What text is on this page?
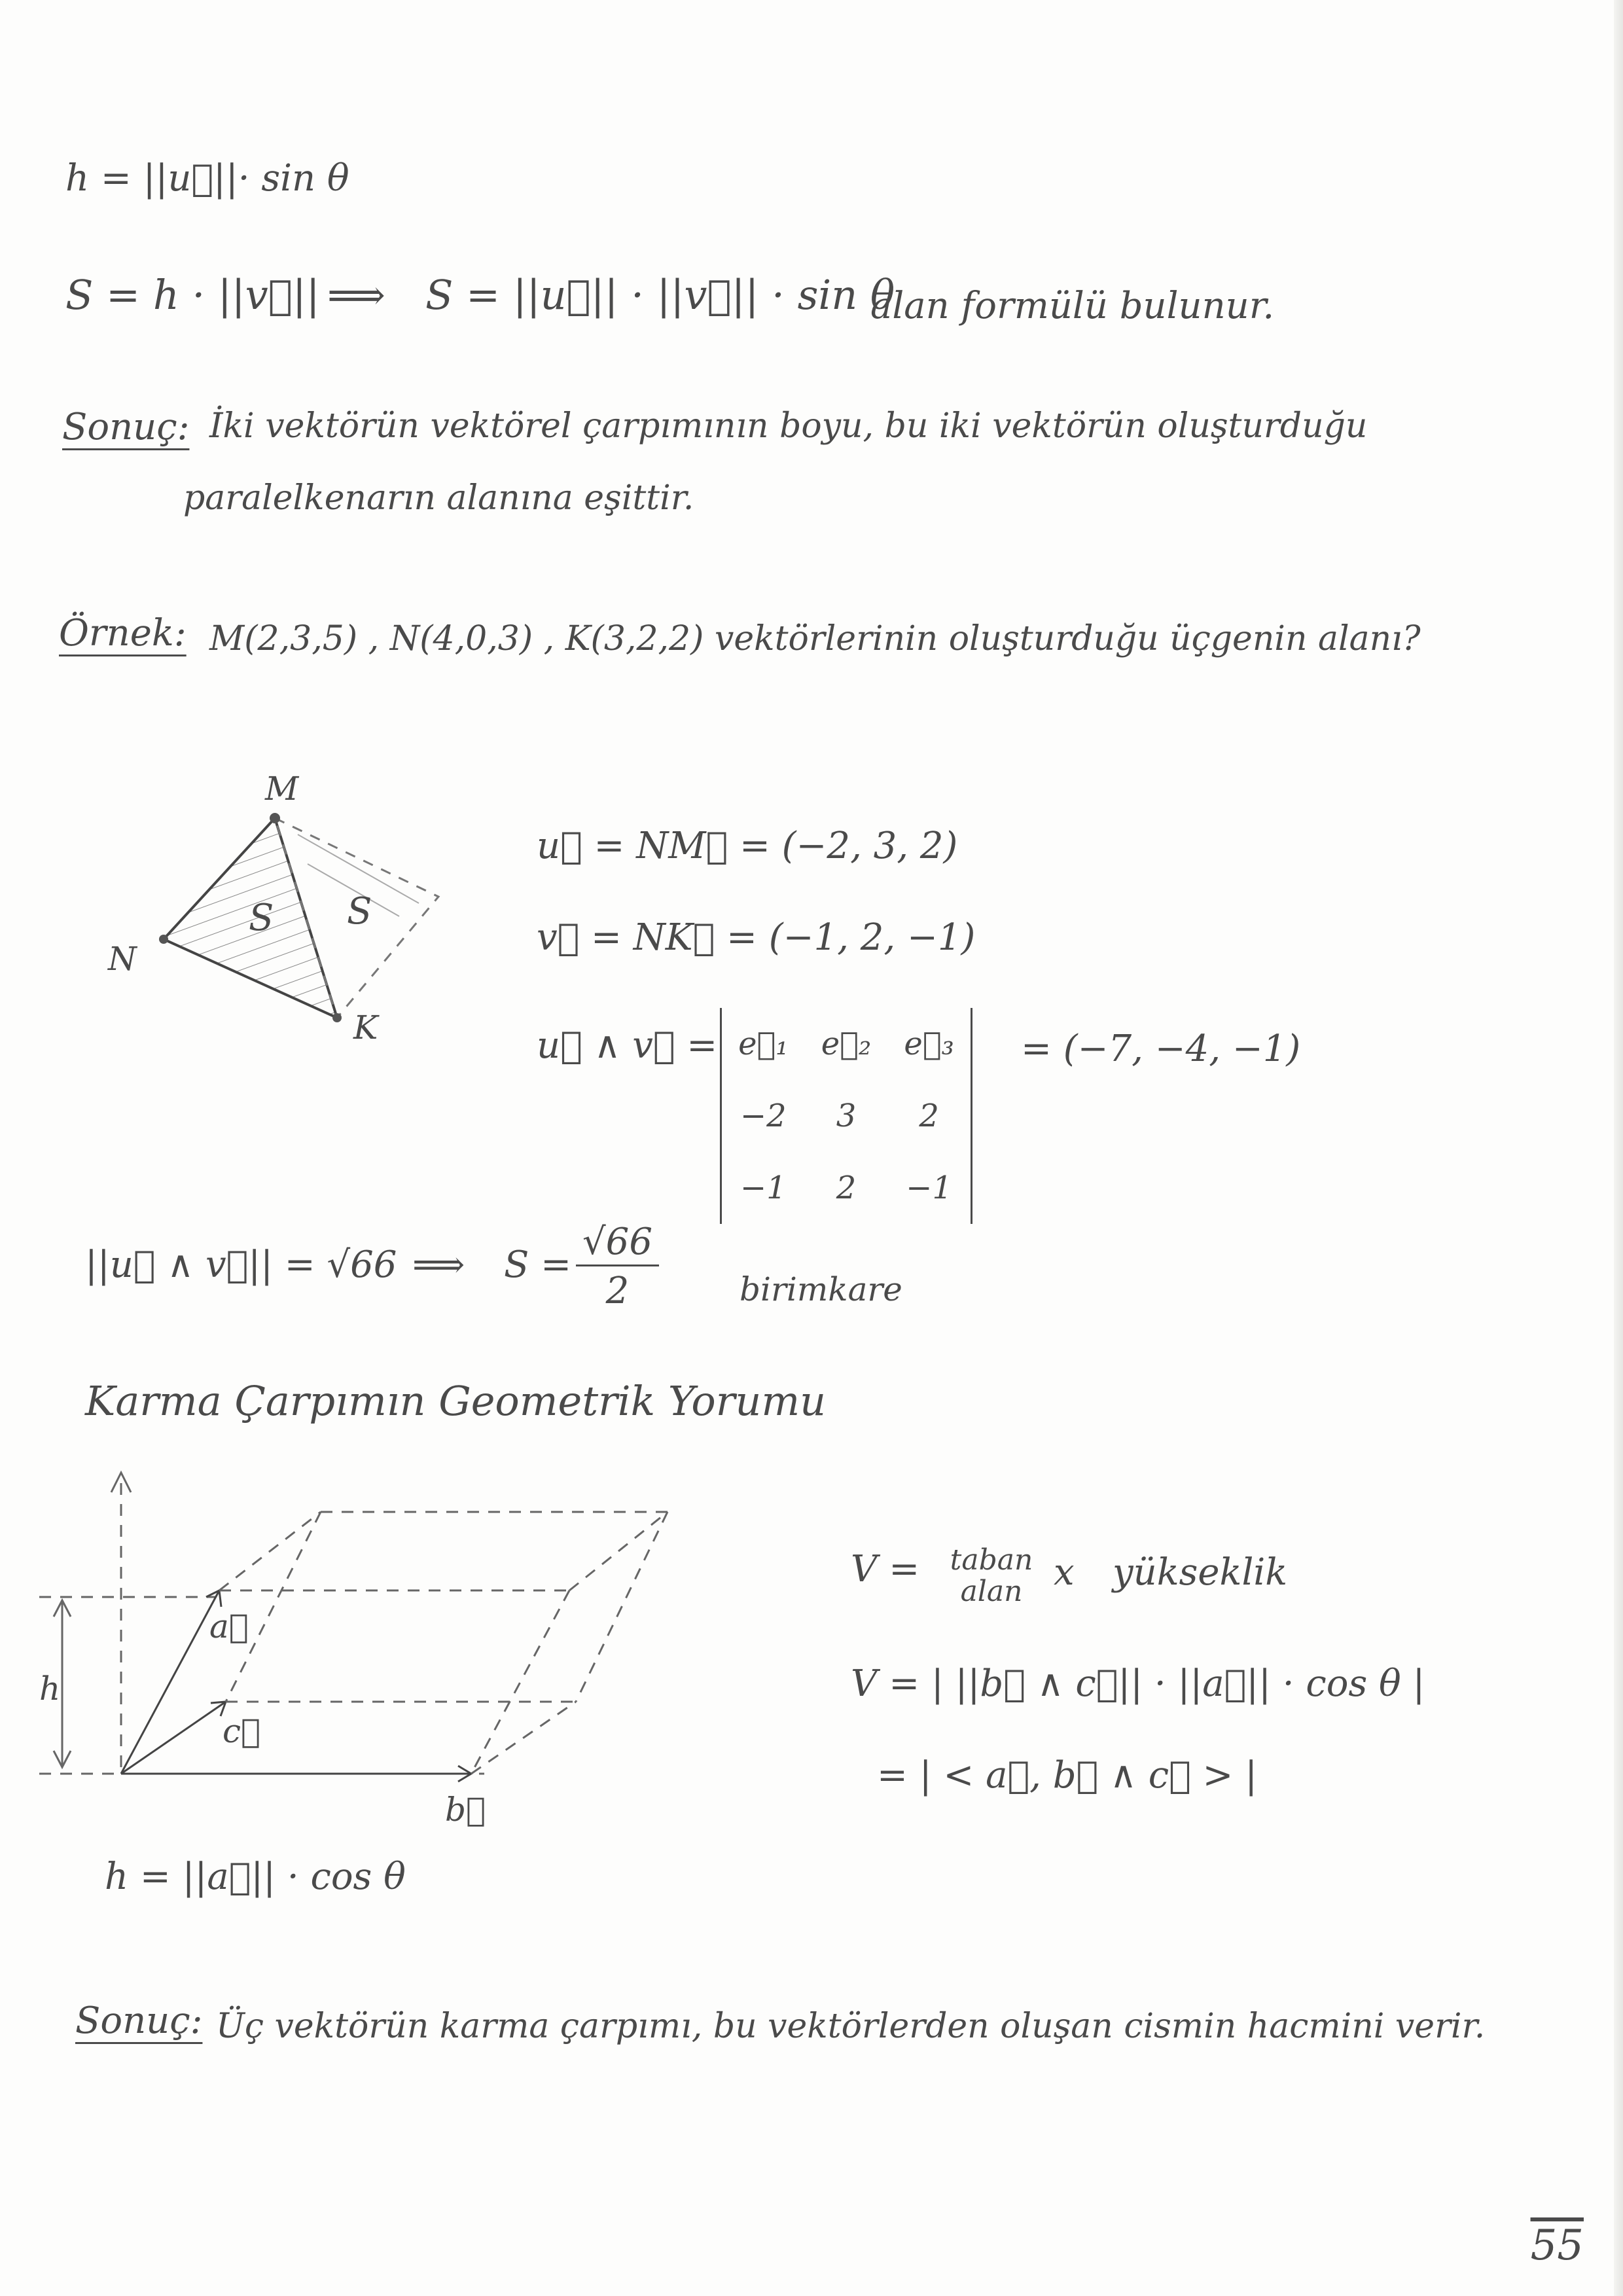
h = ||u⃗||· sin θ
S = h · ||v⃗|| ⟹ S = ||u⃗|| · ||v⃗|| · sin θ
alan formülü bulunur.
Sonuç: İki vektörün vektörel çarpımının boyu, bu iki vektörün oluşturduğu
paralelkenarın alanına eşittir.
Örnek: M(2,3,5) , N(4,0,3) , K(3,2,2) vektörlerinin oluşturduğu üçgenin alanı?
M
N
K
S S
u⃗ = NM⃗ = (−2, 3, 2)
v⃗ = NK⃗ = (−1, 2, −1)
u⃗ ∧ v⃗ = e⃗₁	e⃗₂	e⃗₃
−2	3	2
−1	2	−1
= (−7, −4, −1)
||u⃗ ∧ v⃗|| = √66 ⟹ $S = \frac{√66}{2}$ birimkare
Karma Çarpımın Geometrik Yorumu
a⃗
c⃗
b⃗
h
V =	taban
alan x yükseklik
V = | ||b⃗ ∧ c⃗|| · ||a⃗|| · cos θ |
= | < a⃗, b⃗ ∧ c⃗ > |
h = ||a⃗|| · cos θ
Sonuç: Üç vektörün karma çarpımı, bu vektörlerden oluşan cismin hacmini verir.
55
